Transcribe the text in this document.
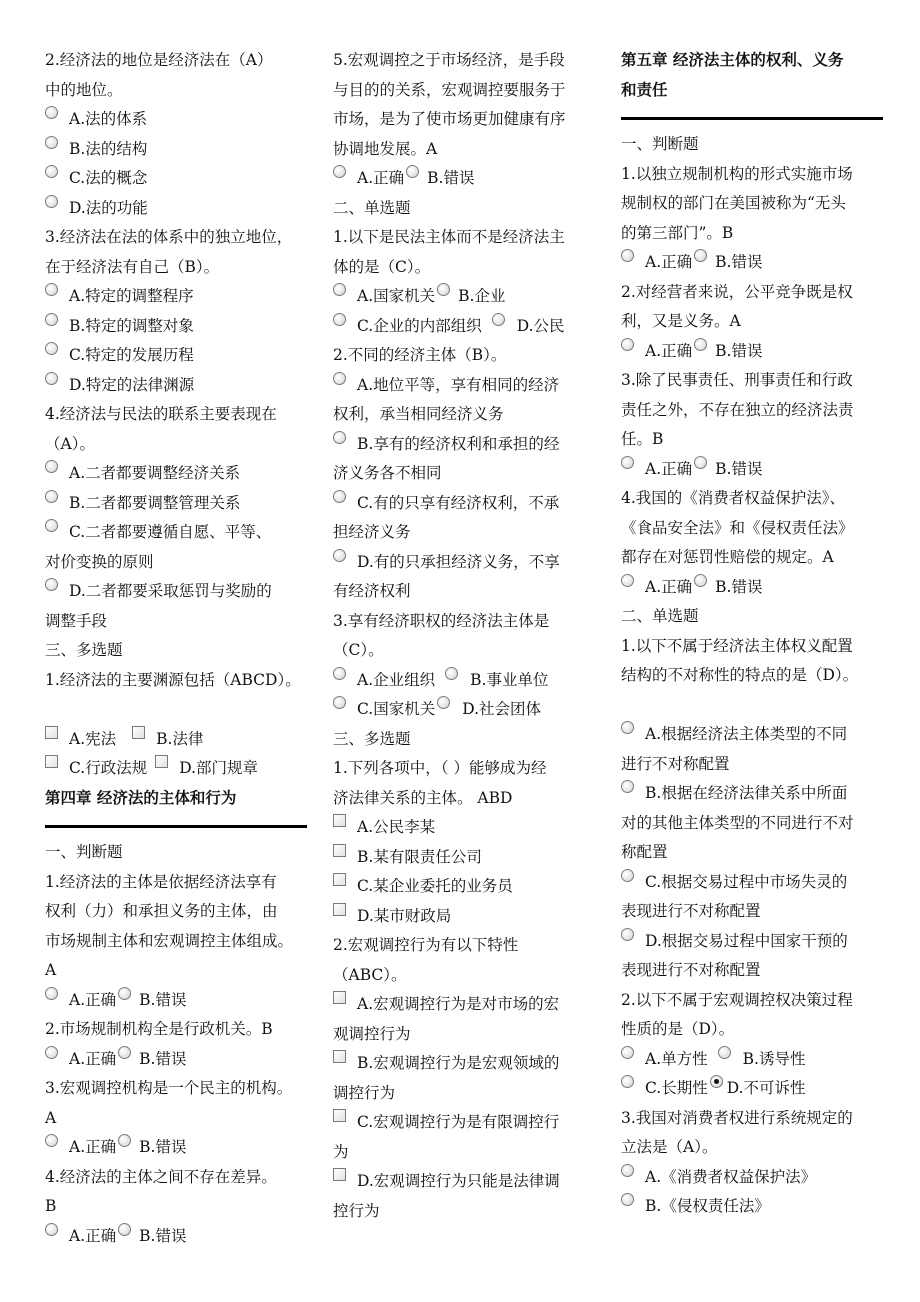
2.经济法的地位是经济法在（A）
中的地位。
A.法的体系
B.法的结构
C.法的概念
D.法的功能
3.经济法在法的体系中的独立地位，
在于经济法有自己（B）。
A.特定的调整程序
B.特定的调整对象
C.特定的发展历程
D.特定的法律渊源
4.经济法与民法的联系主要表现在
（A）。
A.二者都要调整经济关系
B.二者都要调整管理关系
C.二者都要遵循自愿、平等、
对价变换的原则
D.二者都要采取惩罚与奖励的
调整手段
三、多选题
1.经济法的主要渊源包括（ABCD）。
A.宪法	B.法律
C.行政法规 D.部门规章
第四章 经济法的主体和行为
一、判断题
1.经济法的主体是依据经济法享有
权利（力）和承担义务的主体，由
市场规制主体和宏观调控主体组成。
A
A.正确 B.错误
2.市场规制机构全是行政机关。B
A.正确 B.错误
3.宏观调控机构是一个民主的机构。
A
A.正确 B.错误
4.经济法的主体之间不存在差异。
B
A.正确 B.错误
5.宏观调控之于市场经济，是手段
与目的的关系，宏观调控要服务于
市场，是为了使市场更加健康有序
协调地发展。A
A.正确 B.错误
二、单选题
1.以下是民法主体而不是经济法主
体的是（C）。
A.国家机关 B.企业
C.企业的内部组织 D.公民
2.不同的经济主体（B）。
A.地位平等，享有相同的经济
权利，承当相同经济义务
B.享有的经济权利和承担的经
济义务各不相同
C.有的只享有经济权利，不承
担经济义务
D.有的只承担经济义务，不享
有经济权利
3.享有经济职权的经济法主体是
（C）。
A.企业组织 B.事业单位
C.国家机关 D.社会团体
三、多选题
1.下列各项中，（ ）能够成为经
济法律关系的主体。 ABD
A.公民李某
B.某有限责任公司
C.某企业委托的业务员
D.某市财政局
2.宏观调控行为有以下特性
（ABC）。
A.宏观调控行为是对市场的宏
观调控行为
B.宏观调控行为是宏观领域的
调控行为
C.宏观调控行为是有限调控行
为
D.宏观调控行为只能是法律调
控行为
第五章 经济法主体的权利、义务
和责任
一、判断题
1.以独立规制机构的形式实施市场
规制权的部门在美国被称为“无头
的第三部门”。B
A.正确 B.错误
2.对经营者来说，公平竞争既是权
利，又是义务。A
A.正确 B.错误
3.除了民事责任、刑事责任和行政
责任之外，不存在独立的经济法责
任。B
A.正确 B.错误
4.我国的《消费者权益保护法》、
《食品安全法》和《侵权责任法》
都存在对惩罚性赔偿的规定。A
A.正确 B.错误
二、单选题
1.以下不属于经济法主体权义配置
结构的不对称性的特点的是（D）。
A.根据经济法主体类型的不同
进行不对称配置
B.根据在经济法律关系中所面
对的其他主体类型的不同进行不对
称配置
C.根据交易过程中市场失灵的
表现进行不对称配置
D.根据交易过程中国家干预的
表现进行不对称配置
2.以下不属于宏观调控权决策过程
性质的是（D）。
A.单方性 B.诱导性
C.长期性 D.不可诉性
3.我国对消费者权进行系统规定的
立法是（A）。
A.《消费者权益保护法》
B.《侵权责任法》
